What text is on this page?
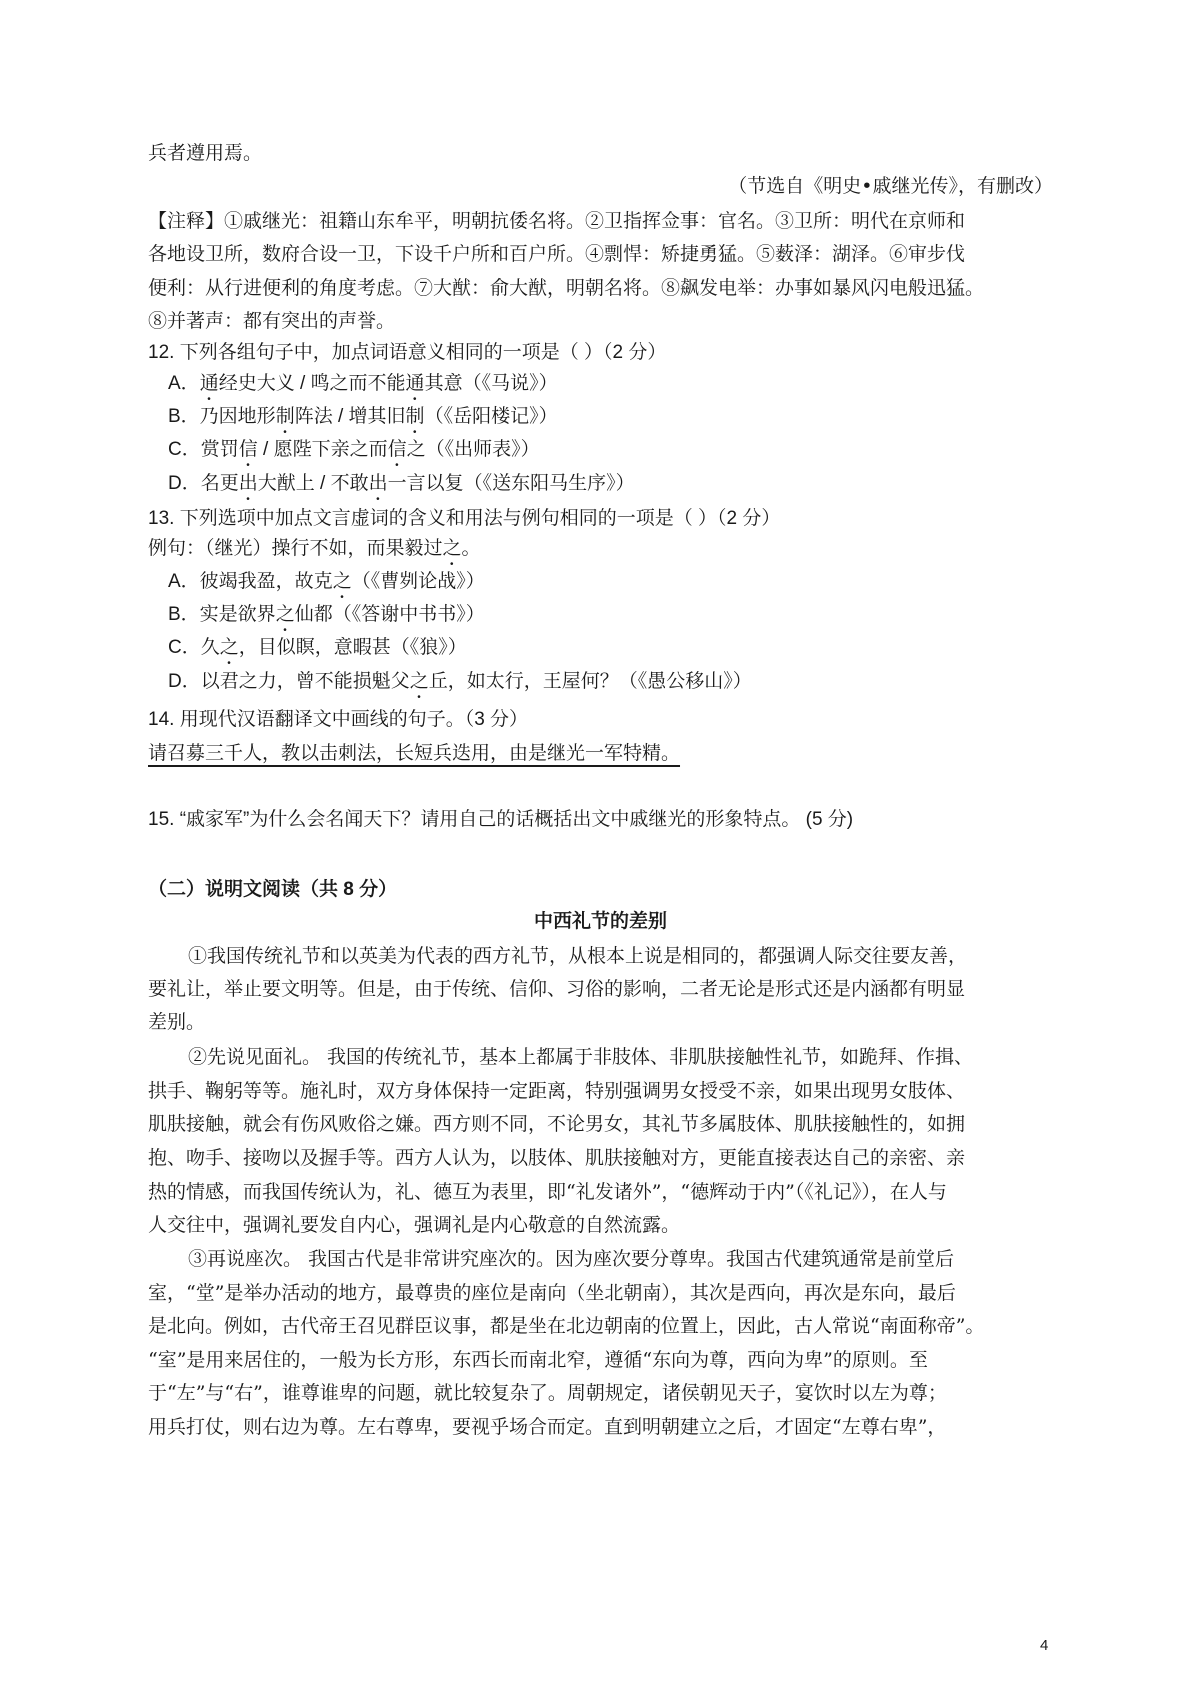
兵者遵用焉。
（节选自《明史•戚继光传》，有删改）
【注释】①戚继光：祖籍山东牟平，明朝抗倭名将。②卫指挥佥事：官名。③卫所：明代在京师和
各地设卫所，数府合设一卫，下设千户所和百户所。④剽悍：矫捷勇猛。⑤薮泽：湖泽。⑥审步伐
便利：从行进便利的角度考虑。⑦大猷：俞大猷，明朝名将。⑧飙发电举：办事如暴风闪电般迅猛。
⑧并著声：都有突出的声誉。
12. 下列各组句子中，加点词语意义相同的一项是（ ）（2 分）
A．通经史大义 / 鸣之而不能通其意（《马说》）
B．乃因地形制阵法 / 增其旧制（《岳阳楼记》）
C．赏罚信 / 愿陛下亲之而信之（《出师表》）
D．名更出大猷上 / 不敢出一言以复（《送东阳马生序》）
13. 下列选项中加点文言虚词的含义和用法与例句相同的一项是（ ）（2 分）
例句：（继光）操行不如，而果毅过之。
A．彼竭我盈，故克之（《曹刿论战》）
B．实是欲界之仙都（《答谢中书书》）
C．久之，目似瞑，意暇甚（《狼》）
D．以君之力，曾不能损魁父之丘，如太行，王屋何？（《愚公移山》）
14. 用现代汉语翻译文中画线的句子。（3 分）
请召募三千人，教以击刺法，长短兵迭用，由是继光一军特精。
15. “戚家军”为什么会名闻天下？请用自己的话概括出文中戚继光的形象特点。 (5 分)
（二）说明文阅读（共 8 分）
中西礼节的差别
①我国传统礼节和以英美为代表的西方礼节，从根本上说是相同的，都强调人际交往要友善，
要礼让，举止要文明等。但是，由于传统、信仰、习俗的影响，二者无论是形式还是内涵都有明显
差别。
②先说见面礼。 我国的传统礼节，基本上都属于非肢体、非肌肤接触性礼节，如跪拜、作揖、
拱手、鞠躬等等。施礼时，双方身体保持一定距离，特别强调男女授受不亲，如果出现男女肢体、
肌肤接触，就会有伤风败俗之嫌。西方则不同，不论男女，其礼节多属肢体、肌肤接触性的，如拥
抱、吻手、接吻以及握手等。西方人认为，以肢体、肌肤接触对方，更能直接表达自己的亲密、亲
热的情感，而我国传统认为，礼、德互为表里，即“礼发诸外”，“德辉动于内”（《礼记》），在人与
人交往中，强调礼要发自内心，强调礼是内心敬意的自然流露。
③再说座次。 我国古代是非常讲究座次的。因为座次要分尊卑。我国古代建筑通常是前堂后
室，“堂”是举办活动的地方，最尊贵的座位是南向（坐北朝南），其次是西向，再次是东向，最后
是北向。例如，古代帝王召见群臣议事，都是坐在北边朝南的位置上，因此，古人常说“南面称帝”。
“室”是用来居住的，一般为长方形，东西长而南北窄，遵循“东向为尊，西向为卑”的原则。至
于“左”与“右”，谁尊谁卑的问题，就比较复杂了。周朝规定，诸侯朝见天子，宴饮时以左为尊；
用兵打仗，则右边为尊。左右尊卑，要视乎场合而定。直到明朝建立之后，才固定“左尊右卑”，
4
